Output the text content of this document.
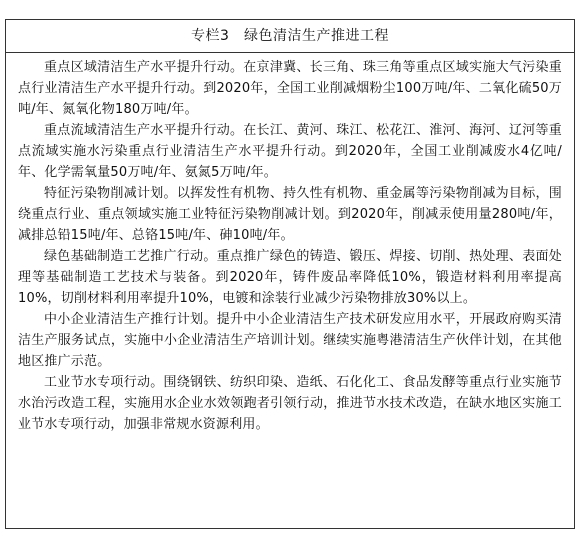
专栏3　绿色清洁生产推进工程

重点区域清洁生产水平提升行动。在京津冀、长三角、珠三角等重点区域实施大气污染重点行业清洁生产水平提升行动。到2020年，全国工业削减烟粉尘100万吨/年、二氧化硫50万吨/年、氮氧化物180万吨/年。

重点流域清洁生产水平提升行动。在长江、黄河、珠江、松花江、淮河、海河、辽河等重点流域实施水污染重点行业清洁生产水平提升行动。到2020年，全国工业削减废水4亿吨/年、化学需氧量50万吨/年、氨氮5万吨/年。

特征污染物削减计划。以挥发性有机物、持久性有机物、重金属等污染物削减为目标，围绕重点行业、重点领域实施工业特征污染物削减计划。到2020年，削减汞使用量280吨/年，减排总铅15吨/年、总铬15吨/年、砷10吨/年。

绿色基础制造工艺推广行动。重点推广绿色的铸造、锻压、焊接、切削、热处理、表面处理等基础制造工艺技术与装备。到2020年，铸件废品率降低10%，锻造材料利用率提高10%，切削材料利用率提升10%，电镀和涂装行业减少污染物排放30%以上。

中小企业清洁生产推行计划。提升中小企业清洁生产技术研发应用水平，开展政府购买清洁生产服务试点，实施中小企业清洁生产培训计划。继续实施粤港清洁生产伙伴计划，在其他地区推广示范。

工业节水专项行动。围绕钢铁、纺织印染、造纸、石化化工、食品发酵等重点行业实施节水治污改造工程，实施用水企业水效领跑者引领行动，推进节水技术改造，在缺水地区实施工业节水专项行动，加强非常规水资源利用。
